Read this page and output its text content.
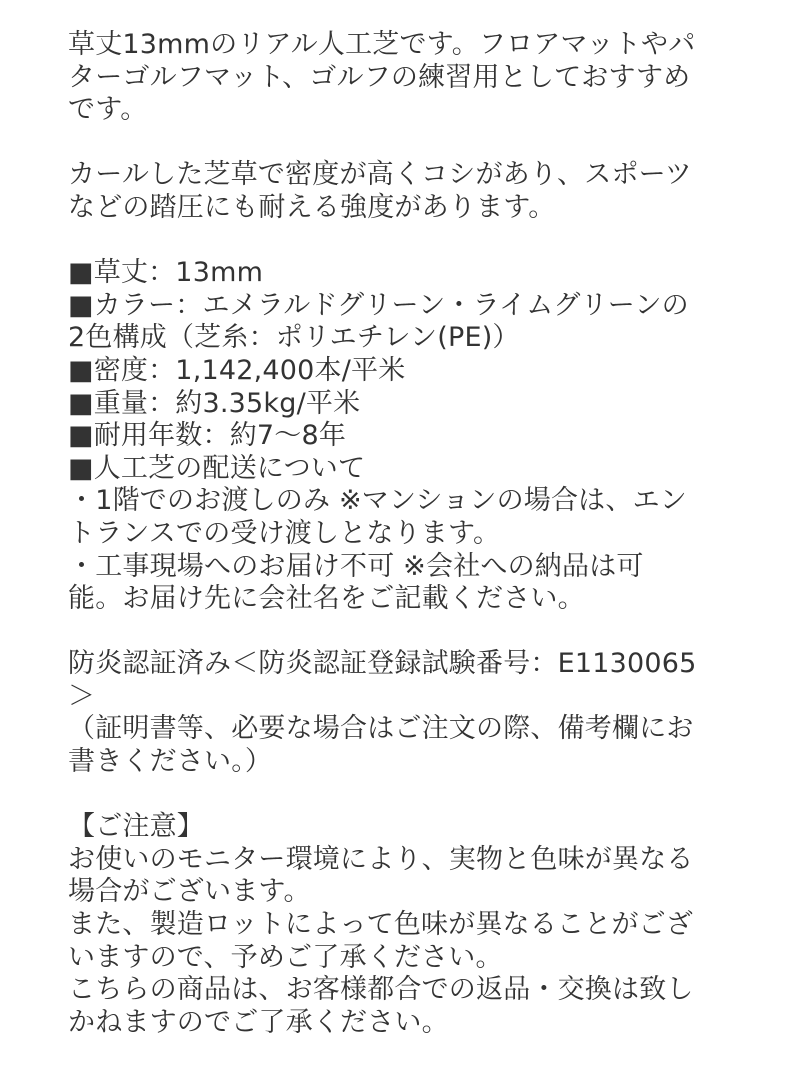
草丈13mmのリアル人工芝です。フロアマットやパ
ターゴルフマット、ゴルフの練習用としておすすめ
です。
カールした芝草で密度が高くコシがあり、スポーツ
などの踏圧にも耐える強度があります。
■草丈：13mm
■カラー：エメラルドグリーン・ライムグリーンの
2色構成（芝糸：ポリエチレン(PE)）
■密度：1,142,400本/平米
■重量：約3.35kg/平米
■耐用年数：約7〜8年
■人工芝の配送について
・1階でのお渡しのみ ※マンションの場合は、エン
トランスでの受け渡しとなります。
・工事現場へのお届け不可 ※会社への納品は可
能。お届け先に会社名をご記載ください。
防炎認証済み＜防炎認証登録試験番号：E1130065
＞
（証明書等、必要な場合はご注文の際、備考欄にお
書きください。）
【ご注意】
お使いのモニター環境により、実物と色味が異なる
場合がございます。
また、製造ロットによって色味が異なることがござ
いますので、予めご了承ください。
こちらの商品は、お客様都合での返品・交換は致し
かねますのでご了承ください。
